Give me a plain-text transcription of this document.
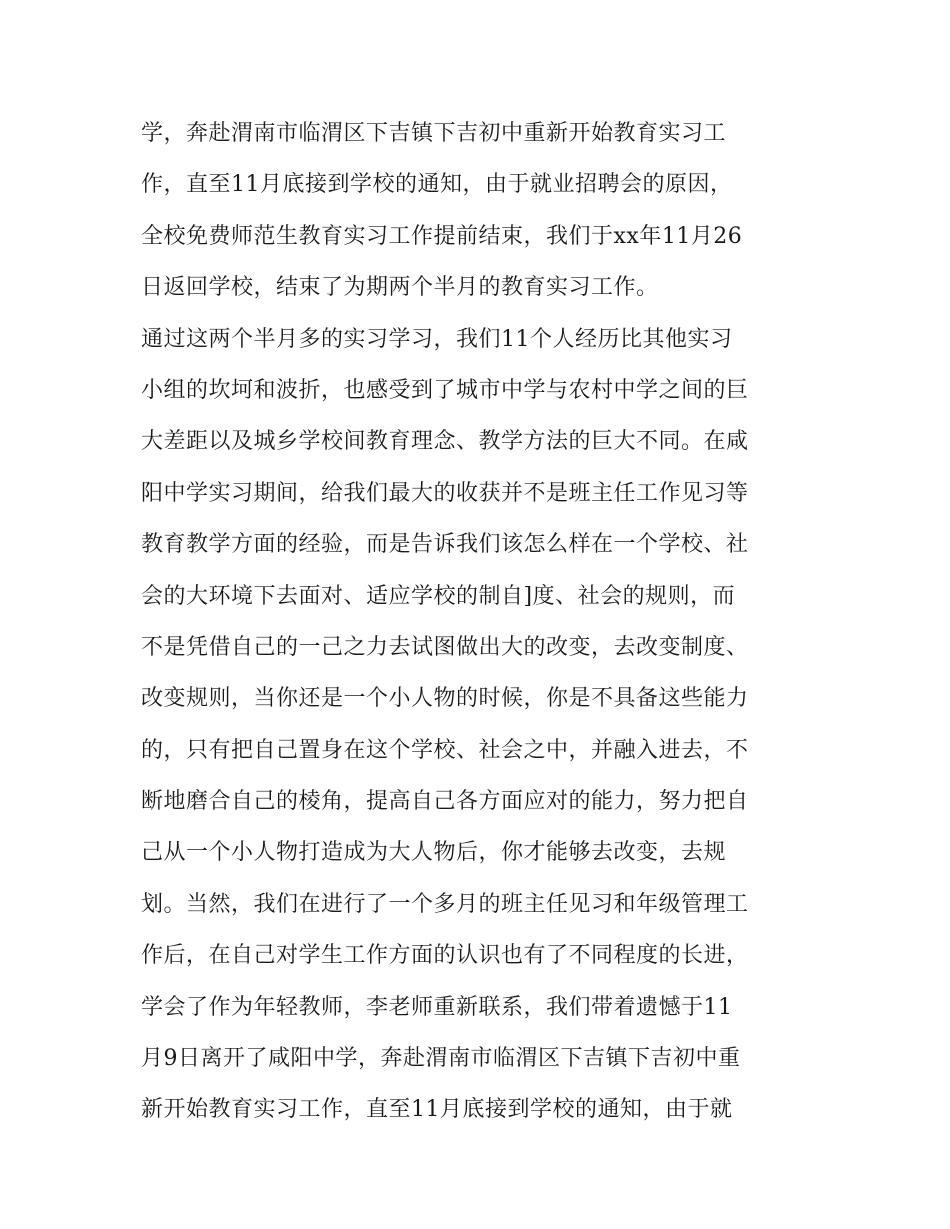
学，奔赴渭南市临渭区下吉镇下吉初中重新开始教育实习工
作，直至11月底接到学校的通知，由于就业招聘会的原因，
全校免费师范生教育实习工作提前结束，我们于xx年11月26
日返回学校，结束了为期两个半月的教育实习工作。
通过这两个半月多的实习学习，我们11个人经历比其他实习
小组的坎坷和波折，也感受到了城市中学与农村中学之间的巨
大差距以及城乡学校间教育理念、教学方法的巨大不同。在咸
阳中学实习期间，给我们最大的收获并不是班主任工作见习等
教育教学方面的经验，而是告诉我们该怎么样在一个学校、社
会的大环境下去面对、适应学校的制自]度、社会的规则，而
不是凭借自己的一己之力去试图做出大的改变，去改变制度、
改变规则，当你还是一个小人物的时候，你是不具备这些能力
的，只有把自己置身在这个学校、社会之中，并融入进去，不
断地磨合自己的棱角，提高自己各方面应对的能力，努力把自
己从一个小人物打造成为大人物后，你才能够去改变，去规
划。当然，我们在进行了一个多月的班主任见习和年级管理工
作后，在自己对学生工作方面的认识也有了不同程度的长进，
学会了作为年轻教师，李老师重新联系，我们带着遗憾于11
月9日离开了咸阳中学，奔赴渭南市临渭区下吉镇下吉初中重
新开始教育实习工作，直至11月底接到学校的通知，由于就
